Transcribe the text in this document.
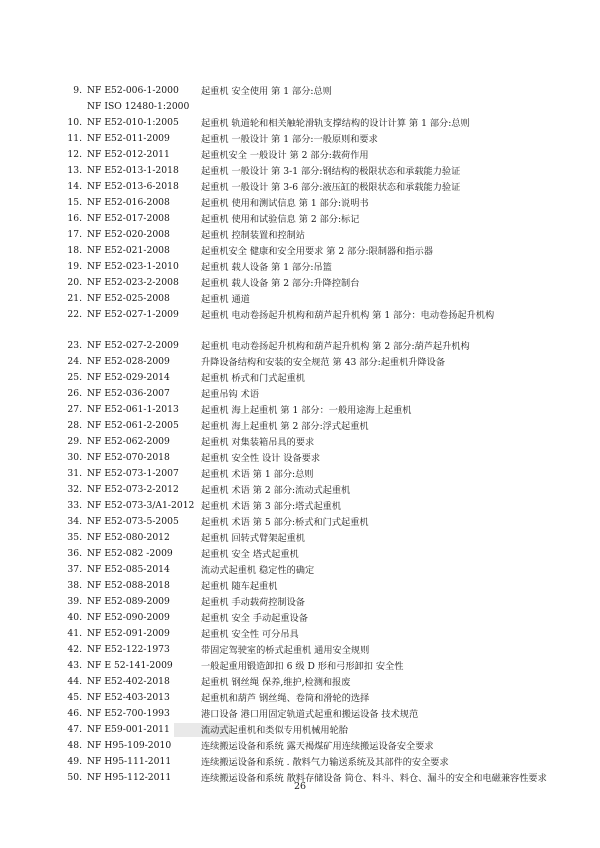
9. NF E52-006-1-2000 起重机 安全使用 第 1 部分:总则
NF ISO 12480-1:2000
10. NF E52-010-1:2005 起重机 轨道轮和相关触轮滑轨支撑结构的设计计算 第 1 部分:总则
11. NF E52-011-2009	起重机 一般设计 第 1 部分:一般原则和要求
12. NF E52-012-2011	起重机安全 一般设计 第 2 部分:载荷作用
13. NF E52-013-1-2018 起重机 一般设计 第 3-1 部分:钢结构的极限状态和承载能力验证
14. NF E52-013-6-2018 起重机 一般设计 第 3-6 部分:液压缸的极限状态和承载能力验证
15. NF E52-016-2008	起重机 使用和测试信息 第 1 部分:说明书
16. NF E52-017-2008	起重机 使用和试验信息 第 2 部分:标记
17. NF E52-020-2008	起重机 控制装置和控制站
18. NF E52-021-2008	起重机安全 健康和安全用要求 第 2 部分:限制器和指示器
19. NF E52-023-1-2010 起重机 载人设备 第 1 部分:吊篮
20. NF E52-023-2-2008 起重机 载人设备 第 2 部分:升降控制台
21. NF E52-025-2008	起重机 通道
22. NF E52-027-1-2009 起重机 电动卷扬起升机构和葫芦起升机构 第 1 部分：电动卷扬起升机构
23. NF E52-027-2-2009 起重机 电动卷扬起升机构和葫芦起升机构 第 2 部分:葫芦起升机构
24. NF E52-028-2009	升降设备结构和安装的安全规范 第 43 部分:起重机升降设备
25. NF E52-029-2014	起重机 桥式和门式起重机
26. NF E52-036-2007	起重吊钩 术语
27. NF E52-061-1-2013 起重机 海上起重机 第 1 部分：一般用途海上起重机
28. NF E52-061-2-2005 起重机 海上起重机 第 2 部分:浮式起重机
29. NF E52-062-2009	起重机 对集装箱吊具的要求
30. NF E52-070-2018	起重机 安全性 设计 设备要求
31. NF E52-073-1-2007 起重机 术语 第 1 部分:总则
32. NF E52-073-2-2012 起重机 术语 第 2 部分:流动式起重机
33. NF E52-073-3/A1-2012 起重机 术语 第 3 部分:塔式起重机
34. NF E52-073-5-2005 起重机 术语 第 5 部分:桥式和门式起重机
35. NF E52-080-2012	起重机 回转式臂架起重机
36. NF E52-082 -2009	起重机 安全 塔式起重机
37. NF E52-085-2014	流动式起重机 稳定性的确定
38. NF E52-088-2018	起重机 随车起重机
39. NF E52-089-2009	起重机 手动载荷控制设备
40. NF E52-090-2009	起重机 安全 手动起重设备
41. NF E52-091-2009	起重机 安全性 可分吊具
42. NF E52-122-1973	带固定驾驶室的桥式起重机 通用安全规则
43. NF E 52-141-2009	一般起重用锻造卸扣 6 级 D 形和弓形卸扣 安全性
44. NF E52-402-2018	起重机 钢丝绳 保养,维护,检测和报废
45. NF E52-403-2013	起重机和葫芦 钢丝绳、卷筒和滑轮的选择
46. NF E52-700-1993	港口设备 港口用固定轨道式起重和搬运设备 技术规范
47. NF E59-001-2011	流动式起重机和类似专用机械用轮胎
48. NF H95-109-2010	连续搬运设备和系统 露天褐煤矿用连续搬运设备安全要求
49. NF H95-111-2011	连续搬运设备和系统 . 散料气力输送系统及其部件的安全要求
50. NF H95-112-2011	连续搬运设备和系统 散料存储设备 筒仓、料斗、料仓、漏斗的安全和电磁兼容性要求
26
